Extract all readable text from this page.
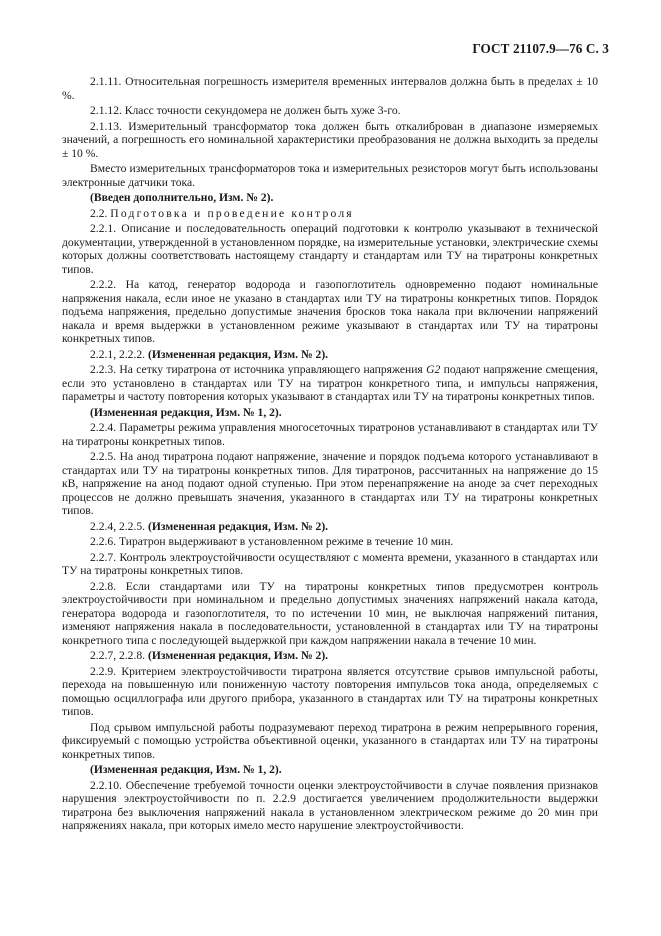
ГОСТ 21107.9—76 С. 3

2.1.11. Относительная погрешность измерителя временных интервалов должна быть в пределах ± 10 %.

2.1.12. Класс точности секундомера не должен быть хуже 3-го.

2.1.13. Измерительный трансформатор тока должен быть откалиброван в диапазоне измеряемых значений, а погрешность его номинальной характеристики преобразования не должна выходить за пределы ± 10 %.

Вместо измерительных трансформаторов тока и измерительных резисторов могут быть использованы электронные датчики тока.

(Введен дополнительно, Изм. № 2).

2.2. Подготовка и проведение контроля

2.2.1. Описание и последовательность операций подготовки к контролю указывают в технической документации, утвержденной в установленном порядке, на измерительные установки, электрические схемы которых должны соответствовать настоящему стандарту и стандартам или ТУ на тиратроны конкретных типов.

2.2.2. На катод, генератор водорода и газопоглотитель одновременно подают номинальные напряжения накала, если иное не указано в стандартах или ТУ на тиратроны конкретных типов. Порядок подъема напряжения, предельно допустимые значения бросков тока накала при включении напряжений накала и время выдержки в установленном режиме указывают в стандартах или ТУ на тиратроны конкретных типов.

2.2.1, 2.2.2. (Измененная редакция, Изм. № 2).

2.2.3. На сетку тиратрона от источника управляющего напряжения G2 подают напряжение смещения, если это установлено в стандартах или ТУ на тиратрон конкретного типа, и импульсы напряжения, параметры и частоту повторения которых указывают в стандартах или ТУ на тиратроны конкретных типов.

(Измененная редакция, Изм. № 1, 2).

2.2.4. Параметры режима управления многосеточных тиратронов устанавливают в стандартах или ТУ на тиратроны конкретных типов.

2.2.5. На анод тиратрона подают напряжение, значение и порядок подъема которого устанавливают в стандартах или ТУ на тиратроны конкретных типов. Для тиратронов, рассчитанных на напряжение до 15 кВ, напряжение на анод подают одной ступенью. При этом перенапряжение на аноде за счет переходных процессов не должно превышать значения, указанного в стандартах или ТУ на тиратроны конкретных типов.

2.2.4, 2.2.5. (Измененная редакция, Изм. № 2).

2.2.6. Тиратрон выдерживают в установленном режиме в течение 10 мин.

2.2.7. Контроль электроустойчивости осуществляют с момента времени, указанного в стандартах или ТУ на тиратроны конкретных типов.

2.2.8. Если стандартами или ТУ на тиратроны конкретных типов предусмотрен контроль электроустойчивости при номинальном и предельно допустимых значениях напряжений накала катода, генератора водорода и газопоглотителя, то по истечении 10 мин, не выключая напряжений питания, изменяют напряжения накала в последовательности, установленной в стандартах или ТУ на тиратроны конкретного типа с последующей выдержкой при каждом напряжении накала в течение 10 мин.

2.2.7, 2.2.8. (Измененная редакция, Изм. № 2).

2.2.9. Критерием электроустойчивости тиратрона является отсутствие срывов импульсной работы, перехода на повышенную или пониженную частоту повторения импульсов тока анода, определяемых с помощью осциллографа или другого прибора, указанного в стандартах или ТУ на тиратроны конкретных типов.

Под срывом импульсной работы подразумевают переход тиратрона в режим непрерывного горения, фиксируемый с помощью устройства объективной оценки, указанного в стандартах или ТУ на тиратроны конкретных типов.

(Измененная редакция, Изм. № 1, 2).

2.2.10. Обеспечение требуемой точности оценки электроустойчивости в случае появления признаков нарушения электроустойчивости по п. 2.2.9 достигается увеличением продолжительности выдержки тиратрона без выключения напряжений накала в установленном электрическом режиме до 20 мин при напряжениях накала, при которых имело место нарушение электроустойчивости.
